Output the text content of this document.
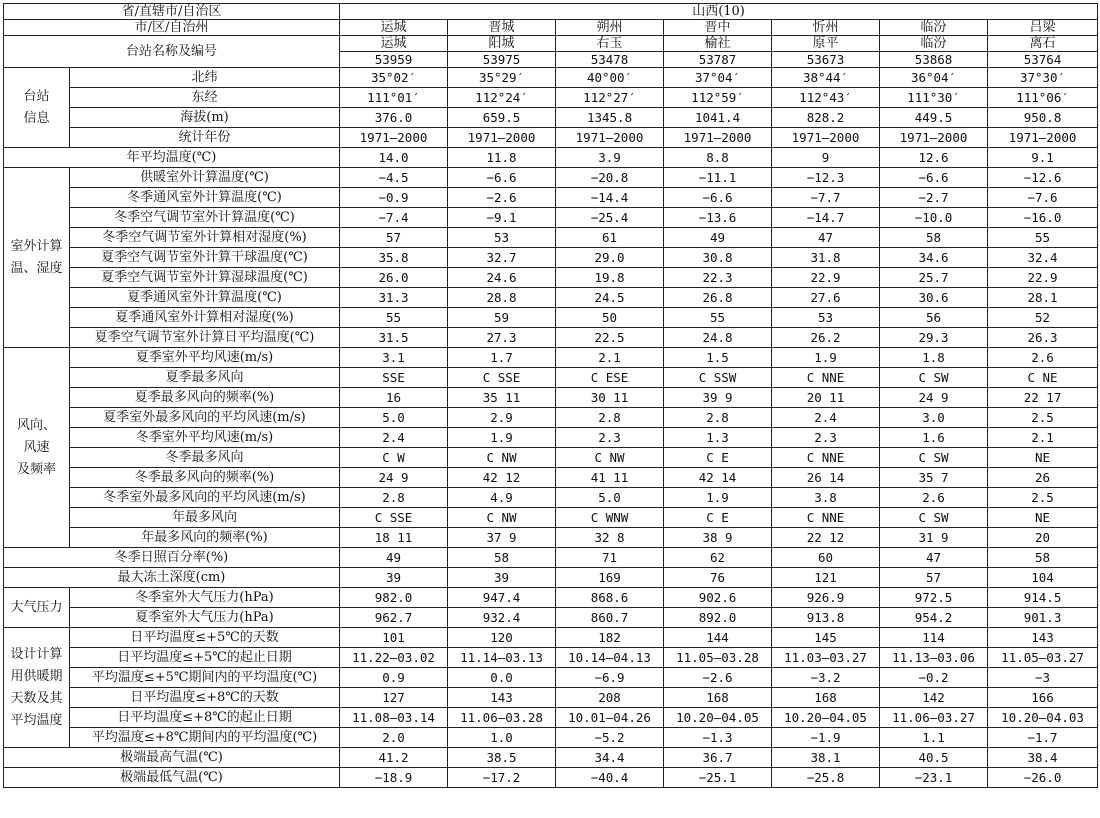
省/直辖市/自治区		山西(10)						
市/区/自治州		运城	晋城	朔州	晋中	忻州	临汾	吕梁
台站名称及编号		运城	阳城	右玉	榆社	原平	临汾	离石
		53959	53975	53478	53787	53673	53868	53764
台站
信息	北纬	35°02′	35°29′	40°00′	37°04′	38°44′	36°04′	37°30′
	东经	111°01′	112°24′	112°27′	112°59′	112°43′	111°30′	111°06′
	海拔(m)	376.0	659.5	1345.8	1041.4	828.2	449.5	950.8
	统计年份	1971—2000	1971—2000	1971—2000	1971—2000	1971—2000	1971—2000	1971—2000
年平均温度(℃)		14.0	11.8	3.9	8.8	9	12.6	9.1
室外计算
温、湿度	供暖室外计算温度(℃)	−4.5	−6.6	−20.8	−11.1	−12.3	−6.6	−12.6
	冬季通风室外计算温度(℃)	−0.9	−2.6	−14.4	−6.6	−7.7	−2.7	−7.6
	冬季空气调节室外计算温度(℃)	−7.4	−9.1	−25.4	−13.6	−14.7	−10.0	−16.0
	冬季空气调节室外计算相对湿度(%)	57	53	61	49	47	58	55
	夏季空气调节室外计算干球温度(℃)	35.8	32.7	29.0	30.8	31.8	34.6	32.4
	夏季空气调节室外计算湿球温度(℃)	26.0	24.6	19.8	22.3	22.9	25.7	22.9
	夏季通风室外计算温度(℃)	31.3	28.8	24.5	26.8	27.6	30.6	28.1
	夏季通风室外计算相对湿度(%)	55	59	50	55	53	56	52
	夏季空气调节室外计算日平均温度(℃)	31.5	27.3	22.5	24.8	26.2	29.3	26.3
风向、
风速
及频率	夏季室外平均风速(m/s)	3.1	1.7	2.1	1.5	1.9	1.8	2.6
	夏季最多风向	SSE	C SSE	C ESE	C SSW	C NNE	C SW	C NE
	夏季最多风向的频率(%)	16	35 11	30 11	39 9	20 11	24 9	22 17
	夏季室外最多风向的平均风速(m/s)	5.0	2.9	2.8	2.8	2.4	3.0	2.5
	冬季室外平均风速(m/s)	2.4	1.9	2.3	1.3	2.3	1.6	2.1
	冬季最多风向	C W	C NW	C NW	C E	C NNE	C SW	NE
	冬季最多风向的频率(%)	24 9	42 12	41 11	42 14	26 14	35 7	26
	冬季室外最多风向的平均风速(m/s)	2.8	4.9	5.0	1.9	3.8	2.6	2.5
	年最多风向	C SSE	C NW	C WNW	C E	C NNE	C SW	NE
	年最多风向的频率(%)	18 11	37 9	32 8	38 9	22 12	31 9	20
冬季日照百分率(%)		49	58	71	62	60	47	58
最大冻土深度(cm)		39	39	169	76	121	57	104
大气压力	冬季室外大气压力(hPa)	982.0	947.4	868.6	902.6	926.9	972.5	914.5
	夏季室外大气压力(hPa)	962.7	932.4	860.7	892.0	913.8	954.2	901.3
设计计算
用供暖期
天数及其
平均温度	日平均温度≤+5℃的天数	101	120	182	144	145	114	143
	日平均温度≤+5℃的起止日期	11.22—03.02	11.14—03.13	10.14—04.13	11.05—03.28	11.03—03.27	11.13—03.06	11.05—03.27
	平均温度≤+5℃期间内的平均温度(℃)	0.9	0.0	−6.9	−2.6	−3.2	−0.2	−3
	日平均温度≤+8℃的天数	127	143	208	168	168	142	166
	日平均温度≤+8℃的起止日期	11.08—03.14	11.06—03.28	10.01—04.26	10.20—04.05	10.20—04.05	11.06—03.27	10.20—04.03
	平均温度≤+8℃期间内的平均温度(℃)	2.0	1.0	−5.2	−1.3	−1.9	1.1	−1.7
极端最高气温(℃)		41.2	38.5	34.4	36.7	38.1	40.5	38.4
极端最低气温(℃)		−18.9	−17.2	−40.4	−25.1	−25.8	−23.1	−26.0
